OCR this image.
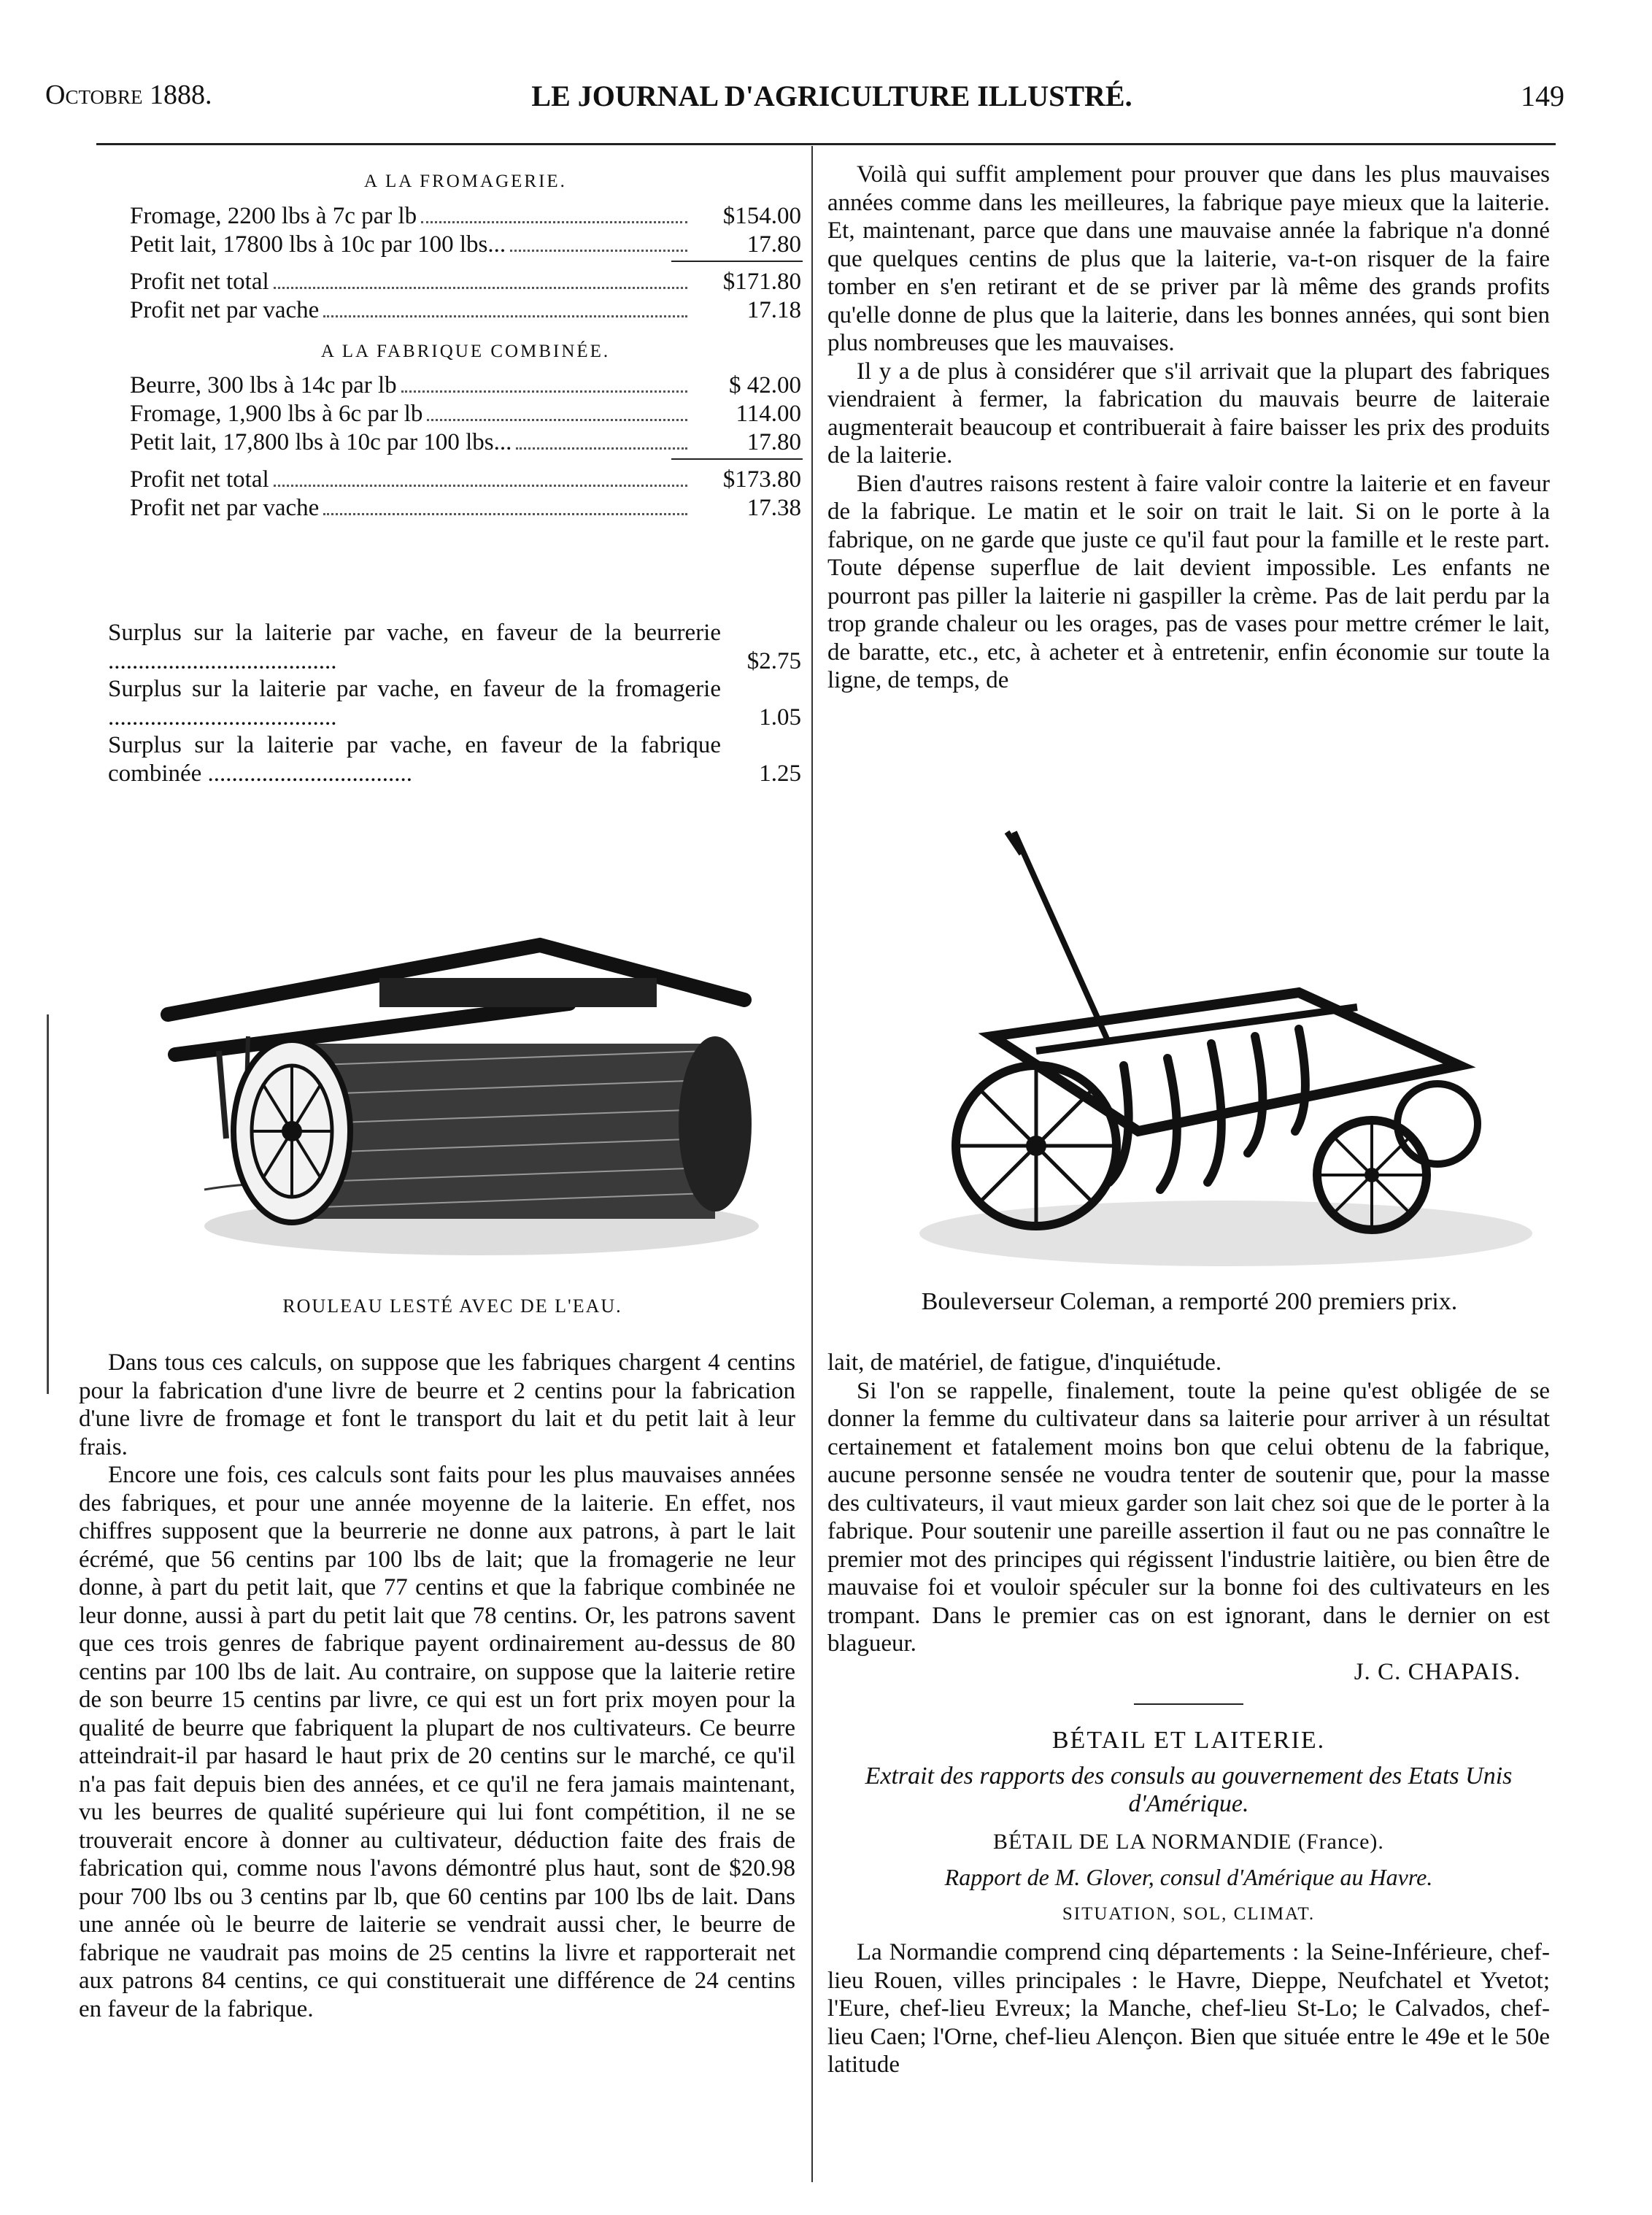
Octobre 1888.	LE JOURNAL D'AGRICULTURE ILLUSTRÉ.	149
A LA FROMAGERIE.
Fromage, 2200 lbs à 7c par lb	$154.00
Petit lait, 17800 lbs à 10c par 100 lbs...	17.80
Profit net total	$171.80
Profit net par vache	17.18
A LA FABRIQUE COMBINÉE.
Beurre, 300 lbs à 14c par lb	$ 42.00
Fromage, 1,900 lbs à 6c par lb	114.00
Petit lait, 17,800 lbs à 10c par 100 lbs...	17.80
Profit net total	$173.80
Profit net par vache	17.38
Surplus sur la laiterie par vache, en faveur de la beurrerie ......................................	$2.75
Surplus sur la laiterie par vache, en faveur de la fromagerie ......................................	1.05
Surplus sur la laiterie par vache, en faveur de la fabrique combinée ..................................	1.25
ROULEAU LESTÉ AVEC DE L'EAU.	Bouleverseur Coleman, a remporté 200 premiers prix.

Dans tous ces calculs, on suppose que les fabriques chargent 4 centins pour la fabrication d'une livre de beurre et 2 centins pour la fabrication d'une livre de fromage et font le transport du lait et du petit lait à leur frais.

Encore une fois, ces calculs sont faits pour les plus mauvaises années des fabriques, et pour une année moyenne de la laiterie. En effet, nos chiffres supposent que la beurrerie ne donne aux patrons, à part le lait écrémé, que 56 centins par 100 lbs de lait; que la fromagerie ne leur donne, à part du petit lait, que 77 centins et que la fabrique combinée ne leur donne, aussi à part du petit lait que 78 centins. Or, les patrons savent que ces trois genres de fabrique payent ordinairement au-dessus de 80 centins par 100 lbs de lait. Au contraire, on suppose que la laiterie retire de son beurre 15 centins par livre, ce qui est un fort prix moyen pour la qualité de beurre que fabriquent la plupart de nos cultivateurs. Ce beurre atteindrait-il par hasard le haut prix de 20 centins sur le marché, ce qu'il n'a pas fait depuis bien des années, et ce qu'il ne fera jamais maintenant, vu les beurres de qualité supérieure qui lui font compétition, il ne se trouverait encore à donner au cultivateur, déduction faite des frais de fabrication qui, comme nous l'avons démontré plus haut, sont de $20.98 pour 700 lbs ou 3 centins par lb, que 60 centins par 100 lbs de lait. Dans une année où le beurre de laiterie se vendrait aussi cher, le beurre de fabrique ne vaudrait pas moins de 25 centins la livre et rapporterait net aux patrons 84 centins, ce qui constituerait une différence de 24 centins en faveur de la fabrique.

Voilà qui suffit amplement pour prouver que dans les plus mauvaises années comme dans les meilleures, la fabrique paye mieux que la laiterie. Et, maintenant, parce que dans une mauvaise année la fabrique n'a donné que quelques centins de plus que la laiterie, va-t-on risquer de la faire tomber en s'en retirant et de se priver par là même des grands profits qu'elle donne de plus que la laiterie, dans les bonnes années, qui sont bien plus nombreuses que les mauvaises.

Il y a de plus à considérer que s'il arrivait que la plupart des fabriques viendraient à fermer, la fabrication du mauvais beurre de laiteraie augmenterait beaucoup et contribuerait à faire baisser les prix des produits de la laiterie.

Bien d'autres raisons restent à faire valoir contre la laiterie et en faveur de la fabrique. Le matin et le soir on trait le lait. Si on le porte à la fabrique, on ne garde que juste ce qu'il faut pour la famille et le reste part. Toute dépense superflue de lait devient impossible. Les enfants ne pourront pas piller la laiterie ni gaspiller la crème. Pas de lait perdu par la trop grande chaleur ou les orages, pas de vases pour mettre crémer le lait, de baratte, etc., etc, à acheter et à entretenir, enfin économie sur toute la ligne, de temps, de

lait, de matériel, de fatigue, d'inquiétude.

Si l'on se rappelle, finalement, toute la peine qu'est obligée de se donner la femme du cultivateur dans sa laiterie pour arriver à un résultat certainement et fatalement moins bon que celui obtenu de la fabrique, aucune personne sensée ne voudra tenter de soutenir que, pour la masse des cultivateurs, il vaut mieux garder son lait chez soi que de le porter à la fabrique. Pour soutenir une pareille assertion il faut ou ne pas connaître le premier mot des principes qui régissent l'industrie laitière, ou bien être de mauvaise foi et vouloir spéculer sur la bonne foi des cultivateurs en les trompant. Dans le premier cas on est ignorant, dans le dernier on est blagueur.

J. C. CHAPAIS.
BÉTAIL ET LAITERIE.
Extrait des rapports des consuls au gouvernement des Etats Unis d'Amérique.
BÉTAIL DE LA NORMANDIE (France).
Rapport de M. Glover, consul d'Amérique au Havre.
SITUATION, SOL, CLIMAT.

La Normandie comprend cinq départements : la Seine-Inférieure, chef-lieu Rouen, villes principales : le Havre, Dieppe, Neufchatel et Yvetot; l'Eure, chef-lieu Evreux; la Manche, chef-lieu St-Lo; le Calvados, chef-lieu Caen; l'Orne, chef-lieu Alençon. Bien que située entre le 49e et le 50e latitude
